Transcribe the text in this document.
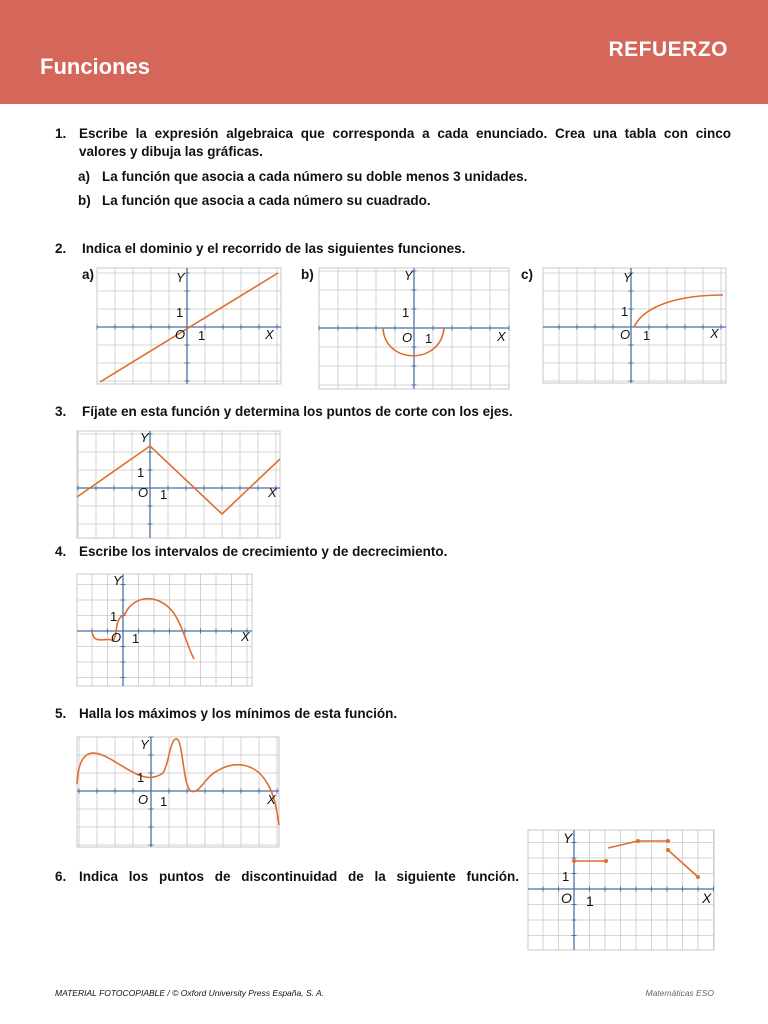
Funciones
REFUERZO
1. Escribe la expresión algebraica que corresponda a cada enunciado. Crea una tabla con cinco
valores y dibuja las gráficas.
a) La función que asocia a cada número su doble menos 3 unidades.
b) La función que asocia a cada número su cuadrado.
2. Indica el dominio y el recorrido de las siguientes funciones.
a)	b)	c)
Y
1
O 1	X
Y
1
O 1	X
Y
1
O 1	X
3. Fíjate en esta función y determina los puntos de corte con los ejes.
Y
1
O 1	X
4. Escribe los intervalos de crecimiento y de decrecimiento.
Y
1
O 1	X
5. Halla los máximos y los mínimos de esta función.
Y
1
O 1	X
6. Indica los puntos de discontinuidad de la siguiente función.
Y
1
O 1	X
MATERIAL FOTOCOPIABLE / © Oxford University Press España, S. A.	Matemáticas ESO
